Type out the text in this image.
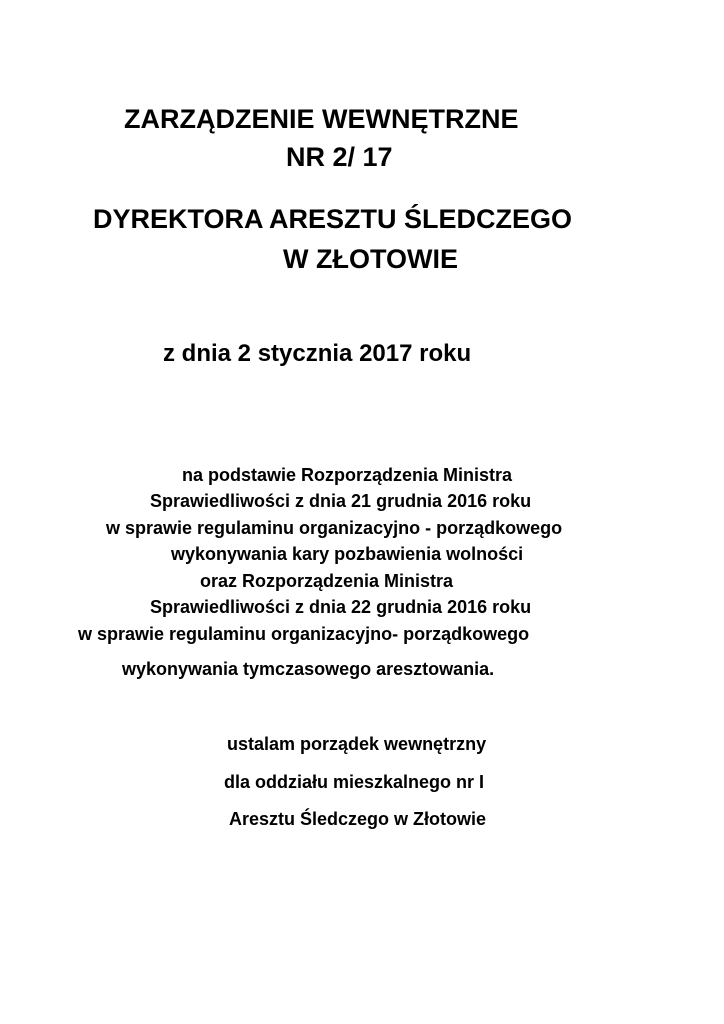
ZARZĄDZENIE WEWNĘTRZNE
NR 2/ 17
DYREKTORA ARESZTU ŚLEDCZEGO
W ZŁOTOWIE
z dnia 2 stycznia 2017 roku
na podstawie Rozporządzenia Ministra
Sprawiedliwości z dnia 21 grudnia 2016 roku
w sprawie regulaminu organizacyjno - porządkowego
wykonywania kary pozbawienia wolności
oraz Rozporządzenia Ministra
Sprawiedliwości z dnia 22 grudnia 2016 roku
w sprawie regulaminu organizacyjno- porządkowego
wykonywania tymczasowego aresztowania.
ustalam porządek wewnętrzny
dla oddziału mieszkalnego nr I
Aresztu Śledczego w Złotowie
